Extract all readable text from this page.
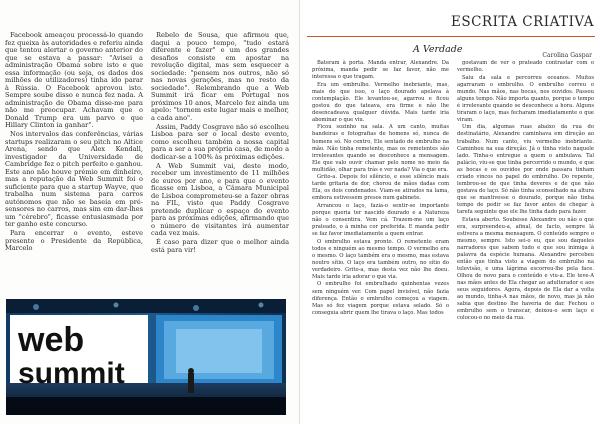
Facebook ameaçou processá-lo quando fez queixa às autoridades e referiu ainda que tentou alertar o governo anterior do que se estava a passar: "Avisei a administração Obama sobre isto e que essa informação (ou seja, os dados dos milhões de utilizadores) tinha ido parar à Rússia. O Facebook aprovou isto. Sempre soube disso e nunca fez nada. A administração de Obama disse-me para não me preocupar. Achavam que o Donald Trump era um parvo e que Hillary Clinton ia ganhar".

Nos intervalos das conferências, várias startups realizaram o seu pitch no Altice Arena, sendo que Alex Kendall, investigador da Universidade de Cambridge fez o pitch perfeito e ganhou. Este ano não houve prémio em dinheiro, mas a reputação da Web Summit foi o suficiente para que a startup Wayve, que trabalha num sistema para carros autónomos que não se baseia em pré-sensores no carros, mas sim em dar-lhes um "cérebro", ficasse entusiasmada por ter ganho este concurso.

Para encerrar o evento, esteve presente o Presidente da República, Marcelo

Rebelo de Sousa, que afirmou que, daqui a pouco tempo, "tudo estará diferente e fazer" e um dos grandes desafios consiste em apostar na revolução digital, mas sem esquecer a sociedade: "pensem nos outros, não só nas novas gerações, mas no resto da sociedade". Relembrando que a Web Summit irá ficar em Portugal nos próximos 10 anos, Marcelo fez ainda um apelo: "tornem este lugar mais e melhor, a cada ano".

Assim, Paddy Cosgrave não só escolheu Lisboa para ser o local deste evento, como escolheu também a nossa capital para a ser a sua própria casa, de modo a dedicar-se a 100% às próximas edições.

A Web Summit vai, deste modo, receber um investimento de 11 milhões de euros por ano, e para que o evento ficasse em Lisboa, a Câmara Municipal de Lisboa comprometeu-se a fazer obras na FIL, visto que Paddy Cosgrave pretende duplicar o espaço do evento para as próximas edições, afirmando que o número de visitantes irá aumentar cada vez mais.

É caso para dizer que o melhor ainda está para vir!

web
summit
ESCRITA CRIATIVA
A Verdade
Carolina Gaspar

Bateram à porta. Manda entrar, Alexandre. Da próxima, manda pedir se faz favor, não me interessa o que tragam.

Era um embrulho. Vermelho inebriante, mas, mais do que isso, o laço dourado apelava à contemplação. Ele levantou-se, agarrou e ficou gostou do que tateava, era firme e não lhe desencadeava qualquer dúvida. Mais tarde iria abominar o que viu.

Ficou sozinho na sala. A um canto, muitas bandeiras e fotografias de homens só, nunca de homens só. No centro, Ele sentado de embrulho na mão. Não tinha remetente, mas os remetentes são irrelevantes quando se desconhece a mensagem. Ele que valo ouvir chamar pelo nome no meio da multidão, olhar para trás e ver nada? Via o que era.

Grito-a. Depois foi silêncio, e esse silêncio mais tarde gritaria de dor, chorou de mãos dadas com Ela, os dois condenados. Viam-se atirados na lama, embora estivessem presos num gabinete.

Arrancou o laço, fazia-o sentir-se importante porque queria ter nascido dourado e a Natureza não o consentira. Vem cá. Trazem-me um laço prateado, o á minha cor preferida. E manda pedir se faz favor imediatamente a quem entrar.

O embrulho estava pronto. O remetente eram todos e ninguém ao mesmo tempo. O vermelho era o mesmo. O laço também era o mesmo, mas estava noutro sítio. O laço era também outro, no sítio do verdadeiro. Grito-a, mas desta vez não lhe doeu. Mais tarde iria adorar o que via.

O embrulho foi embrulhado quinhentas vezes sem ninguém ver. Com papel invisível, não fazia diferença. Então o embrulho começou a viagem. Mas só fez viagem porque estava selado. Só o conseguia abrir quem lhe tirava o laço. Mas todos

gostavam de ver o prateado contrastar com o vermelho.

Saiu da sala e percorreu oceanos. Muitos agarraram o embrulho. O embrulho correu o mundo. Nas mãos, nas bocas, nos ouvidos. Passou alguns tempo. Não importa quanto, porque o tempo é irrelevante quando se desconhece a hora. Alguns tiraram o laço, mas fecharam imediatamente o que viram.

Um dia, algumas ruas abaixo da rua do destinatário, Alexandre caminhava em direção ao trabalho. Num canto, viu vermelho inebriante. Caminhou na sua direção. Já o tinha visto naquele lado. Tinha-o entregue a quem o ambulava. Tal palácio, viu-se que tinha percorrido o mundo, e que as bocas e os ouvidos por onde passara tinham criado vincos no papel do embrulho. Do repente, lembrou-se de que tinha deveres e de que não gostava do laço. Só não tinha sconselhado na altura que se mantivesse o dourado, porque não tinha tempo de pedir se faz favor antes de chegar à tarefa seguinte que ele lhe tinha dado para fazer.

Estava aberto. Soubesse Alexandre ou não o que era, surpreendeu-a, afinal, de facto, sempre lá estivera a mesma mensagem. O conteúdo sempre o mesmo, sempre. Isto sei-o eu, que sou daqueles narradores que sabem tudo e que sou inimiga à palavra da espécie humana. Alexandre percebeu então que tinha visto a viagem do embrulho na televisão, e uma lágrima escorreu-lhe pela face. Olhou de novo para o conteúdo e viu-a. Ele teve-A nas mãos antes de Ela chegar ao adulterador e aos seus seguidores. Agora, depois de Ela dar a volta ao mundo, tinha-A nas mãos, de novo, mas já não sabia que destino lhe haveria de dar. Fechou o embrulho sem o transcar, deixou-o sem laço e colocou-o no meio da rua.
